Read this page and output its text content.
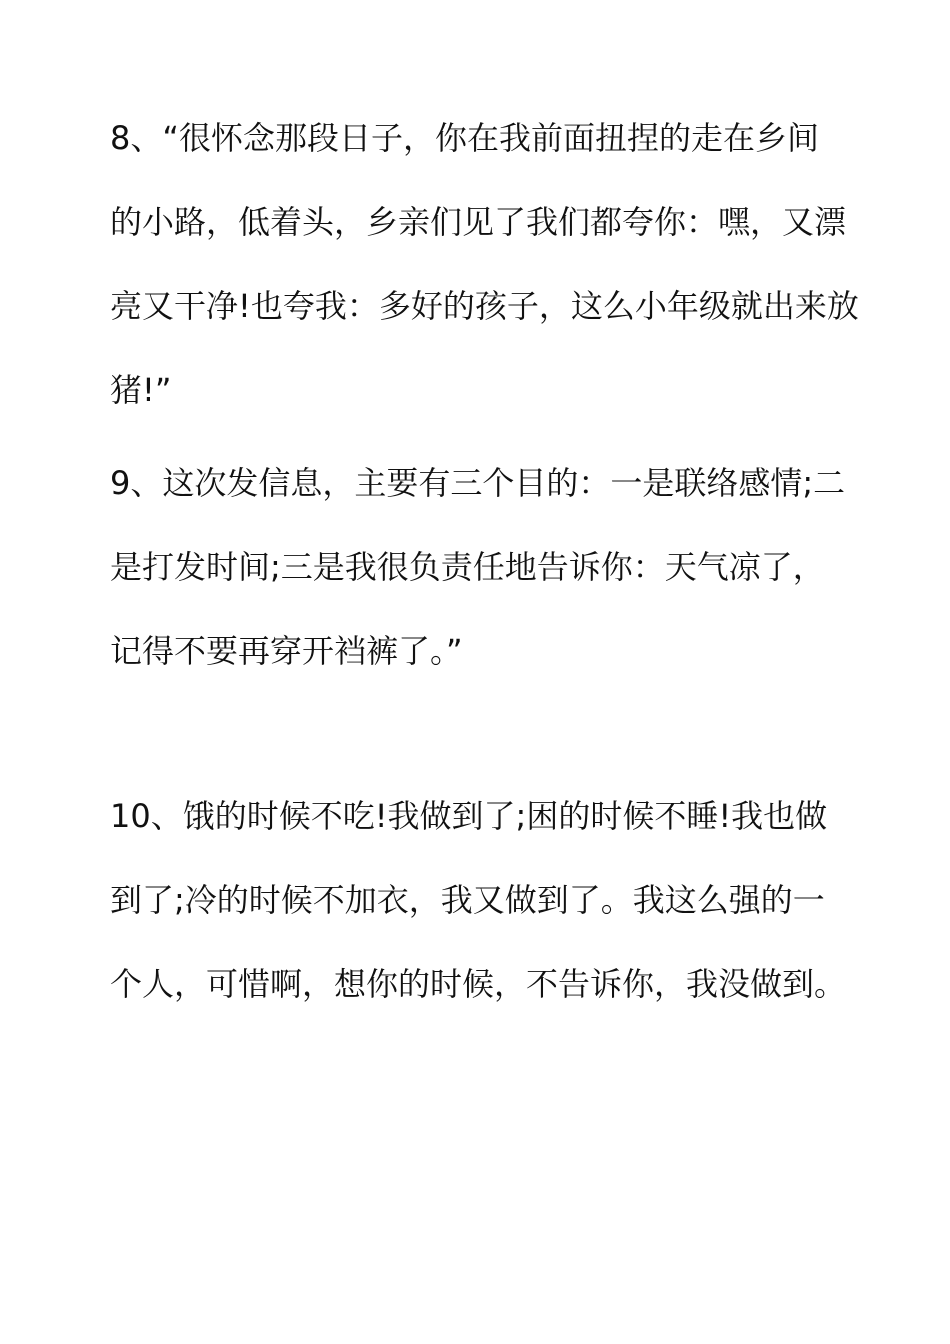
8、“很怀念那段日子，你在我前面扭捏的走在乡间
的小路，低着头，乡亲们见了我们都夸你：嘿，又漂
亮又干净!也夸我：多好的孩子，这么小年级就出来放
猪!”
9、这次发信息，主要有三个目的：一是联络感情;二
是打发时间;三是我很负责任地告诉你：天气凉了，
记得不要再穿开裆裤了。”
10、饿的时候不吃!我做到了;困的时候不睡!我也做
到了;冷的时候不加衣，我又做到了。我这么强的一
个人，可惜啊，想你的时候，不告诉你，我没做到。
